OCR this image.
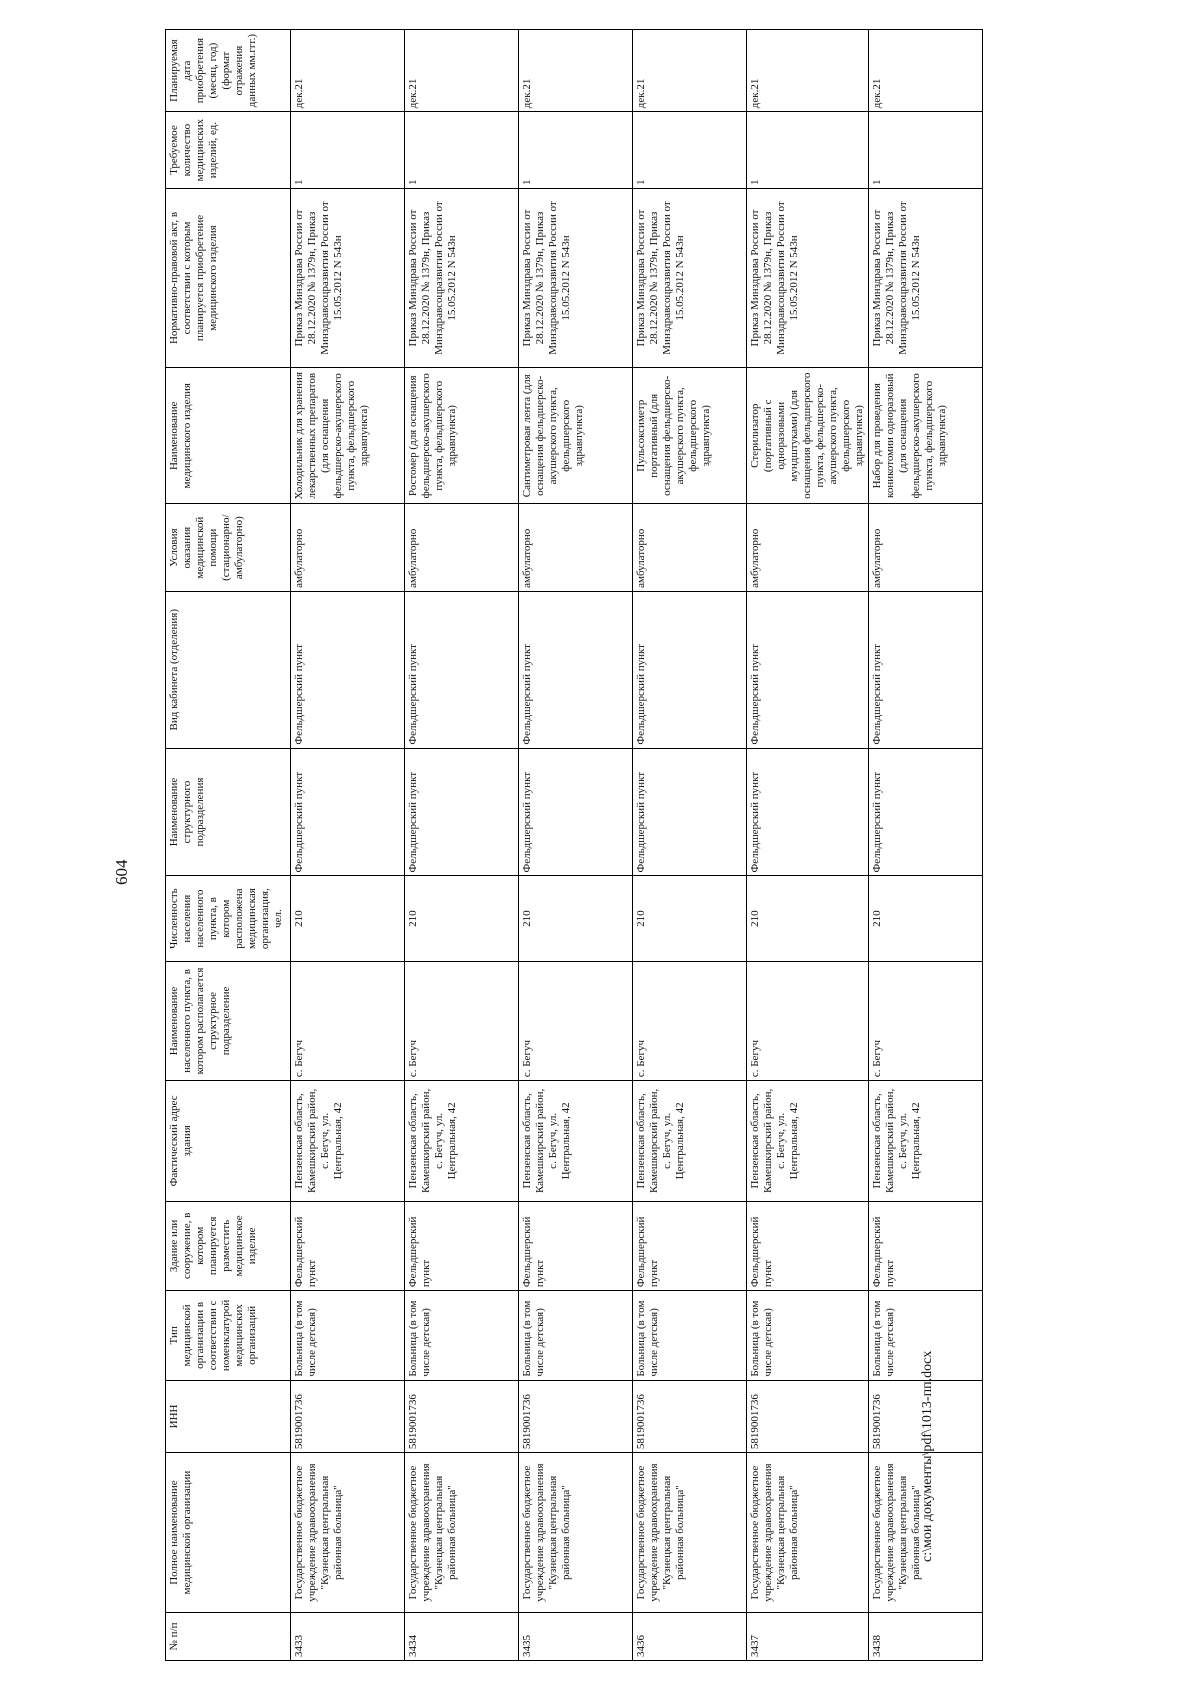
604
№ п/п	Полное наименование медицинской организации	ИНН	Тип медицинской организации в соответствии с номенклатурой медицинских организаций	Здание или сооружение, в котором планируется разместить медицинское изделие	Фактический адрес здания	Наименование населенного пункта, в котором располагается структурное подразделение	Численность населения населенного пункта, в котором расположена медицинская организация, чел.	Наименование структурного подразделения	Вид кабинета (отделения)	Условия оказания медицинской помощи (стационарно/амбулаторно)	Наименование медицинского изделия	Нормативно-правовой акт, в соответствии с которым планируется приобретение медицинского изделия	Требуемое количество медицинских изделий, ед.	Планируемая дата приобретения (месяц, год) (формат отражения данных мм.ггг.)
3433	Государственное бюджетное учреждение здравоохранения "Кузнецкая центральная районная больница"	5819001736	Больница (в том числе детская)	Фельдшерский пункт	Пензенская область, Камешкирский район, с. Бегуч, ул. Центральная, 42	с. Бегуч	210	Фельдшерский пункт	Фельдшерский пункт	амбулаторно	Холодильник для хранения лекарственных препаратов (для оснащения фельдшерско-акушерского пункта, фельдшерского здравпункта)	Приказ Минздрава России от 28.12.2020 № 1379н, Приказ Минздравсоцразвития России от 15.05.2012 N 543н	1	дек.21
3434	Государственное бюджетное учреждение здравоохранения "Кузнецкая центральная районная больница"	5819001736	Больница (в том числе детская)	Фельдшерский пункт	Пензенская область, Камешкирский район, с. Бегуч, ул. Центральная, 42	с. Бегуч	210	Фельдшерский пункт	Фельдшерский пункт	амбулаторно	Ростомер (для оснащения фельдшерско-акушерского пункта, фельдшерского здравпункта)	Приказ Минздрава России от 28.12.2020 № 1379н, Приказ Минздравсоцразвития России от 15.05.2012 N 543н	1	дек.21
3435	Государственное бюджетное учреждение здравоохранения "Кузнецкая центральная районная больница"	5819001736	Больница (в том числе детская)	Фельдшерский пункт	Пензенская область, Камешкирский район, с. Бегуч, ул. Центральная, 42	с. Бегуч	210	Фельдшерский пункт	Фельдшерский пункт	амбулаторно	Сантиметровая лента (для оснащения фельдшерско-акушерского пункта, фельдшерского здравпункта)	Приказ Минздрава России от 28.12.2020 № 1379н, Приказ Минздравсоцразвития России от 15.05.2012 N 543н	1	дек.21
3436	Государственное бюджетное учреждение здравоохранения "Кузнецкая центральная районная больница"	5819001736	Больница (в том числе детская)	Фельдшерский пункт	Пензенская область, Камешкирский район, с. Бегуч, ул. Центральная, 42	с. Бегуч	210	Фельдшерский пункт	Фельдшерский пункт	амбулаторно	Пульсоксиметр портативный (для оснащения фельдшерско-акушерского пункта, фельдшерского здравпункта)	Приказ Минздрава России от 28.12.2020 № 1379н, Приказ Минздравсоцразвития России от 15.05.2012 N 543н	1	дек.21
3437	Государственное бюджетное учреждение здравоохранения "Кузнецкая центральная районная больница"	5819001736	Больница (в том числе детская)	Фельдшерский пункт	Пензенская область, Камешкирский район, с. Бегуч, ул. Центральная, 42	с. Бегуч	210	Фельдшерский пункт	Фельдшерский пункт	амбулаторно	Стерилизатор (портативный с одноразовыми мундштуками) (для оснащения фельдшерского пункта, фельдшерско-акушерского пункта, фельдшерского здравпункта)	Приказ Минздрава России от 28.12.2020 № 1379н, Приказ Минздравсоцразвития России от 15.05.2012 N 543н	1	дек.21
3438	Государственное бюджетное учреждение здравоохранения "Кузнецкая центральная районная больница"	5819001736	Больница (в том числе детская)	Фельдшерский пункт	Пензенская область, Камешкирский район, с. Бегуч, ул. Центральная, 42	с. Бегуч	210	Фельдшерский пункт	Фельдшерский пункт	амбулаторно	Набор для проведения коникотомии одноразовый (для оснащения фельдшерско-акушерского пункта, фельдшерского здравпункта)	Приказ Минздрава России от 28.12.2020 № 1379н, Приказ Минздравсоцразвития России от 15.05.2012 N 543н	1	дек.21
c:\мои документы\pdf\1013-пп.docx
